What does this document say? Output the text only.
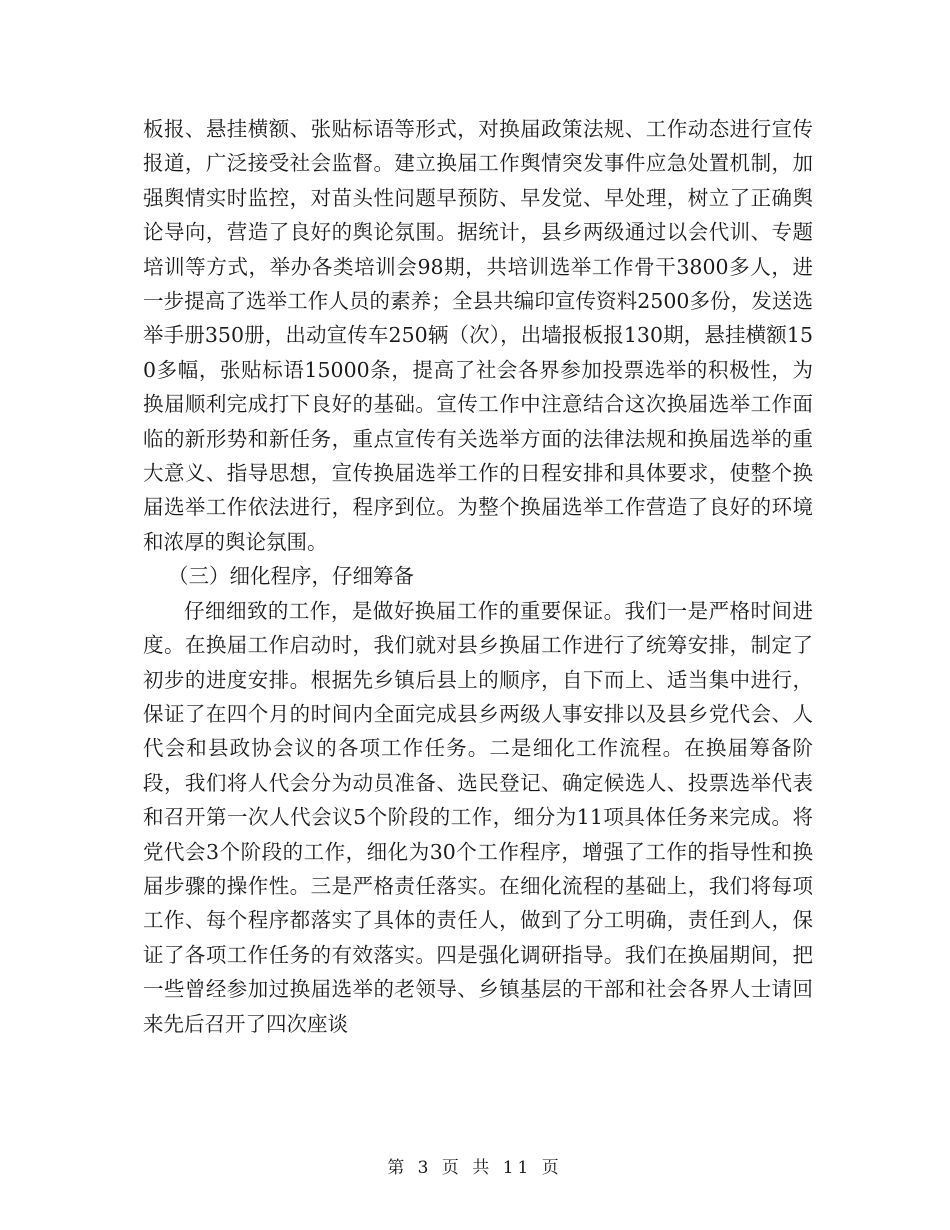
板报、悬挂横额、张贴标语等形式，对换届政策法规、工作动态进行宣传报道，广泛接受社会监督。建立换届工作舆情突发事件应急处置机制，加强舆情实时监控，对苗头性问题早预防、早发觉、早处理，树立了正确舆论导向，营造了良好的舆论氛围。据统计，县乡两级通过以会代训、专题培训等方式，举办各类培训会98期，共培训选举工作骨干3800多人，进一步提高了选举工作人员的素养；全县共编印宣传资料2500多份，发送选举手册350册，出动宣传车250辆（次），出墙报板报130期，悬挂横额150多幅，张贴标语15000条，提高了社会各界参加投票选举的积极性，为换届顺利完成打下良好的基础。宣传工作中注意结合这次换届选举工作面临的新形势和新任务，重点宣传有关选举方面的法律法规和换届选举的重大意义、指导思想，宣传换届选举工作的日程安排和具体要求，使整个换届选举工作依法进行，程序到位。为整个换届选举工作营造了良好的环境和浓厚的舆论氛围。

（三）细化程序，仔细筹备

仔细细致的工作，是做好换届工作的重要保证。我们一是严格时间进度。在换届工作启动时，我们就对县乡换届工作进行了统筹安排，制定了初步的进度安排。根据先乡镇后县上的顺序，自下而上、适当集中进行，保证了在四个月的时间内全面完成县乡两级人事安排以及县乡党代会、人代会和县政协会议的各项工作任务。二是细化工作流程。在换届筹备阶段，我们将人代会分为动员准备、选民登记、确定候选人、投票选举代表和召开第一次人代会议5个阶段的工作，细分为11项具体任务来完成。将党代会3个阶段的工作，细化为30个工作程序，增强了工作的指导性和换届步骤的操作性。三是严格责任落实。在细化流程的基础上，我们将每项工作、每个程序都落实了具体的责任人，做到了分工明确，责任到人，保证了各项工作任务的有效落实。四是强化调研指导。我们在换届期间，把一些曾经参加过换届选举的老领导、乡镇基层的干部和社会各界人士请回来先后召开了四次座谈

第 3 页 共 11 页
